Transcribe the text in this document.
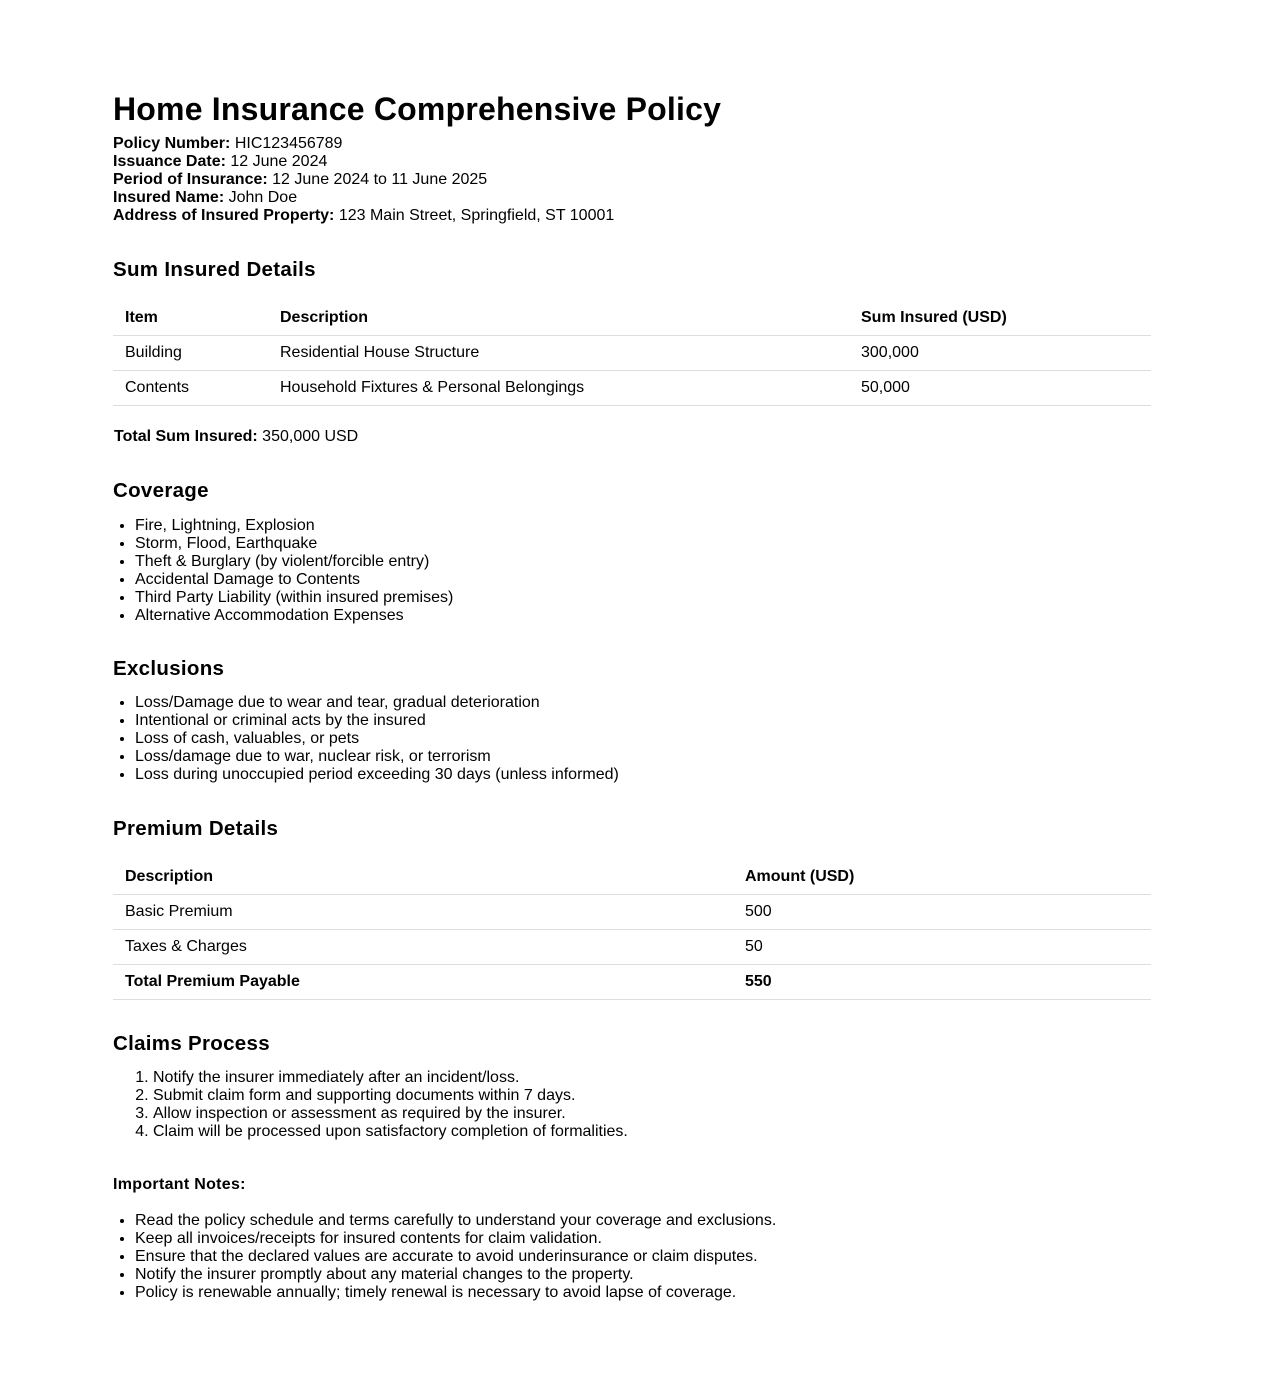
Home Insurance Comprehensive Policy
Policy Number: HIC123456789
Issuance Date: 12 June 2024
Period of Insurance: 12 June 2024 to 11 June 2025
Insured Name: John Doe
Address of Insured Property: 123 Main Street, Springfield, ST 10001
Sum Insured Details
Item	Description	Sum Insured (USD)
Building	Residential House Structure	300,000
Contents	Household Fixtures & Personal Belongings	50,000

Total Sum Insured: 350,000 USD

Coverage
• Fire, Lightning, Explosion
• Storm, Flood, Earthquake
• Theft & Burglary (by violent/forcible entry)
• Accidental Damage to Contents
• Third Party Liability (within insured premises)
• Alternative Accommodation Expenses
Exclusions
• Loss/Damage due to wear and tear, gradual deterioration
• Intentional or criminal acts by the insured
• Loss of cash, valuables, or pets
• Loss/damage due to war, nuclear risk, or terrorism
• Loss during unoccupied period exceeding 30 days (unless informed)
Premium Details
Description	Amount (USD)
Basic Premium	500
Taxes & Charges	50
Total Premium Payable	550
Claims Process
1. Notify the insurer immediately after an incident/loss.
2. Submit claim form and supporting documents within 7 days.
3. Allow inspection or assessment as required by the insurer.
4. Claim will be processed upon satisfactory completion of formalities.

Important Notes:

• Read the policy schedule and terms carefully to understand your coverage and exclusions.
• Keep all invoices/receipts for insured contents for claim validation.
• Ensure that the declared values are accurate to avoid underinsurance or claim disputes.
• Notify the insurer promptly about any material changes to the property.
• Policy is renewable annually; timely renewal is necessary to avoid lapse of coverage.
